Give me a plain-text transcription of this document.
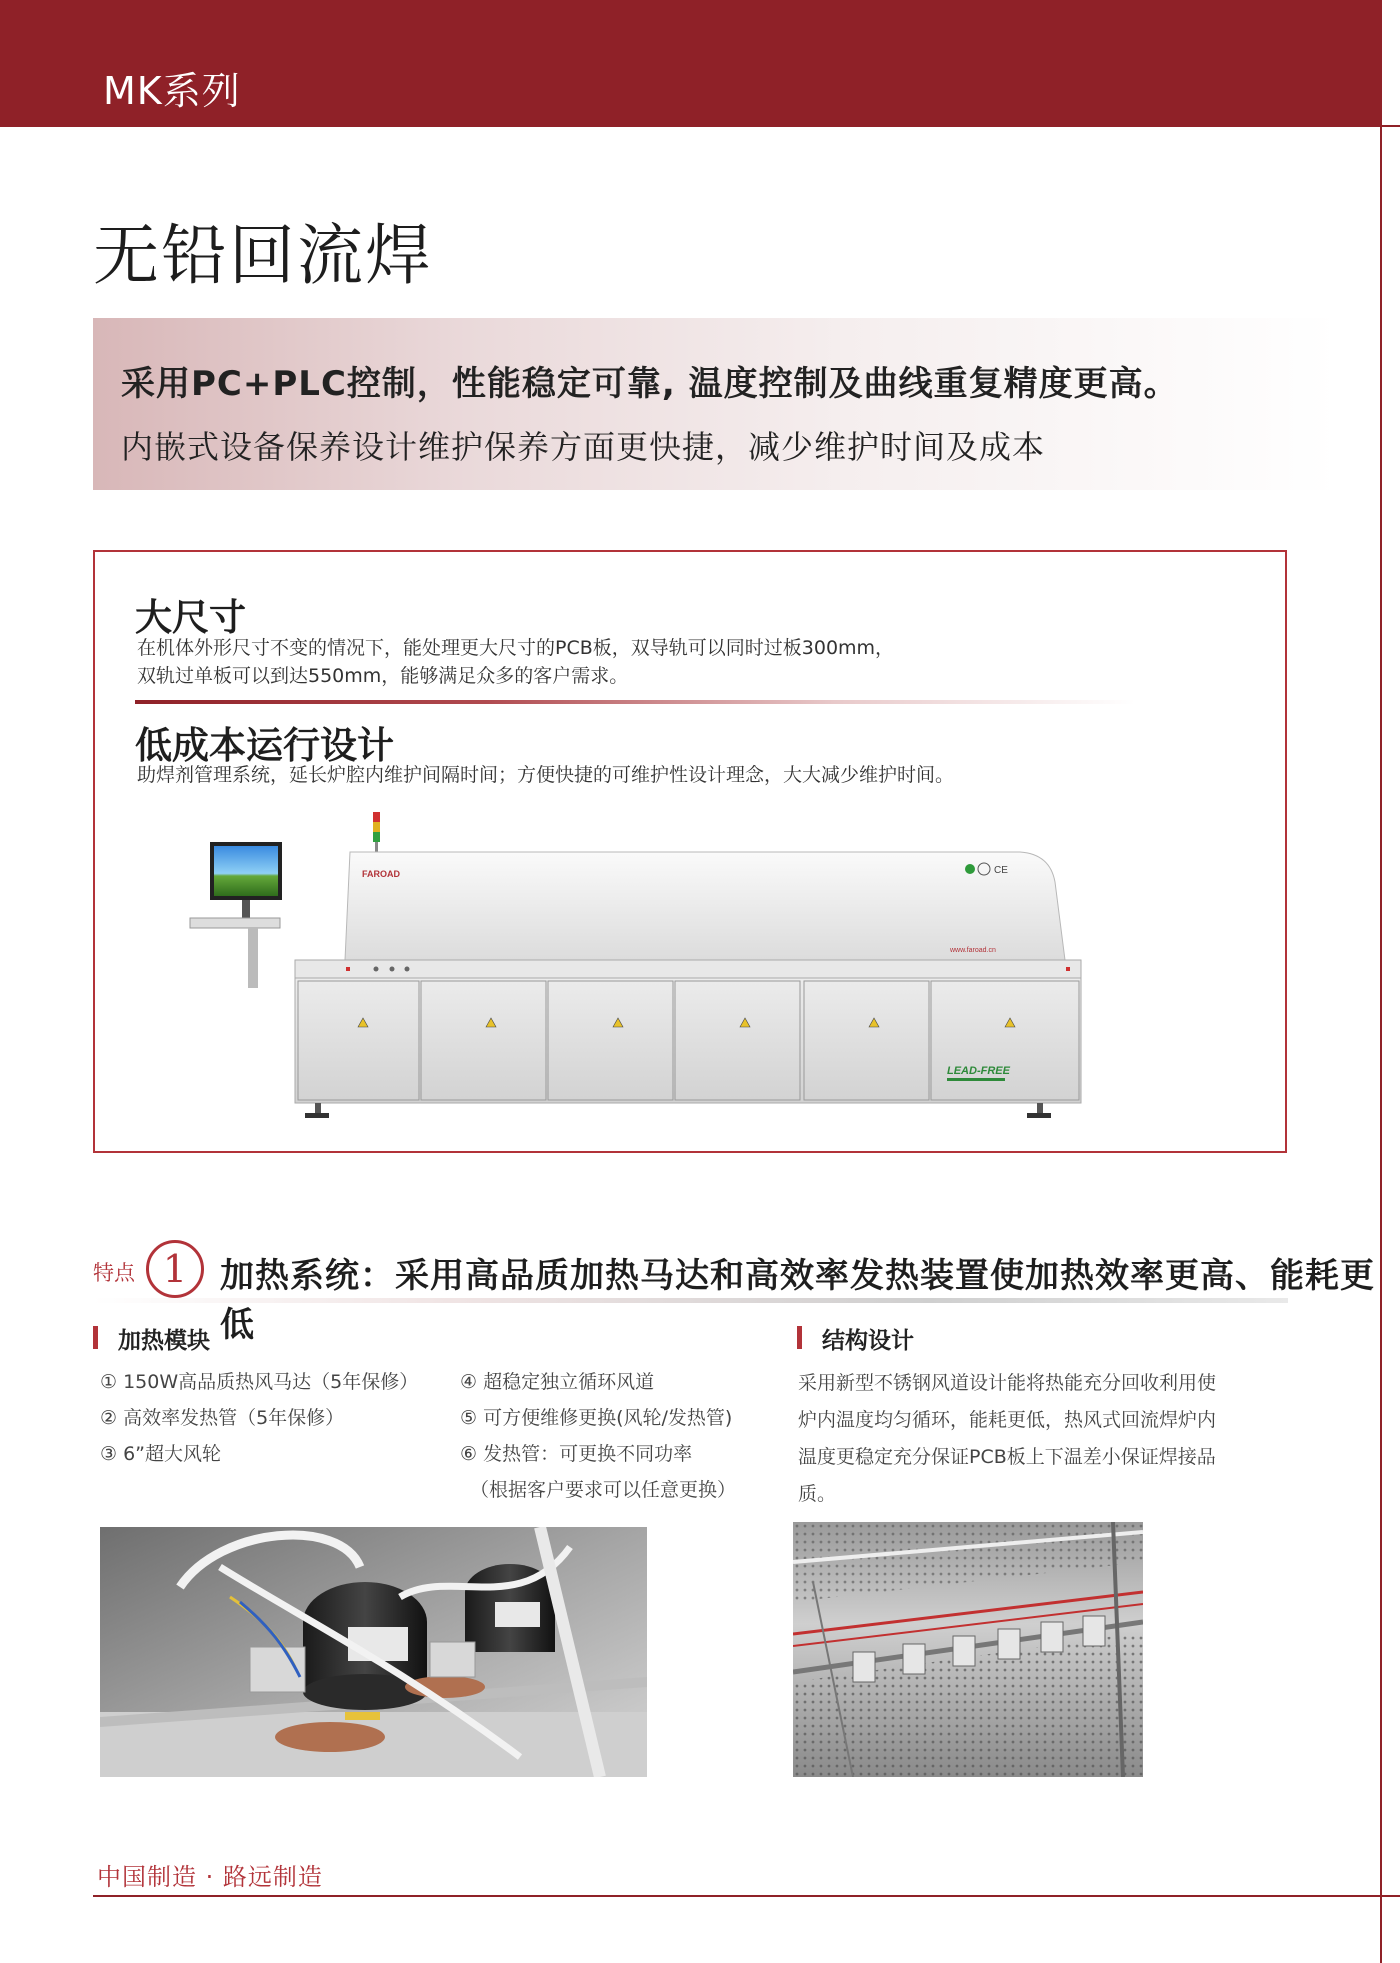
MK系列
无铅回流焊
采用PC+PLC控制，性能稳定可靠, 温度控制及曲线重复精度更高。
内嵌式设备保养设计维护保养方面更快捷，减少维护时间及成本
大尺寸
在机体外形尺寸不变的情况下，能处理更大尺寸的PCB板，双导轨可以同时过板300mm，
双轨过单板可以到达550mm，能够满足众多的客户需求。
低成本运行设计
助焊剂管理系统，延长炉腔内维护间隔时间；方便快捷的可维护性设计理念，大大减少维护时间。
FAROAD
www.faroad.cn
CE
LEAD-FREE
特点 1 加热系统：采用高品质加热马达和高效率发热装置使加热效率更高、能耗更低
加热模块
① 150W高品质热风马达（5年保修）
② 高效率发热管（5年保修）
③ 6”超大风轮
④ 超稳定独立循环风道
⑤ 可方便维修更换(风轮/发热管)
⑥ 发热管：可更换不同功率
（根据客户要求可以任意更换）
结构设计
采用新型不锈钢风道设计能将热能充分回收利用使
炉内温度均匀循环，能耗更低，热风式回流焊炉内
温度更稳定充分保证PCB板上下温差小保证焊接品
质。
中国制造 · 路远制造
